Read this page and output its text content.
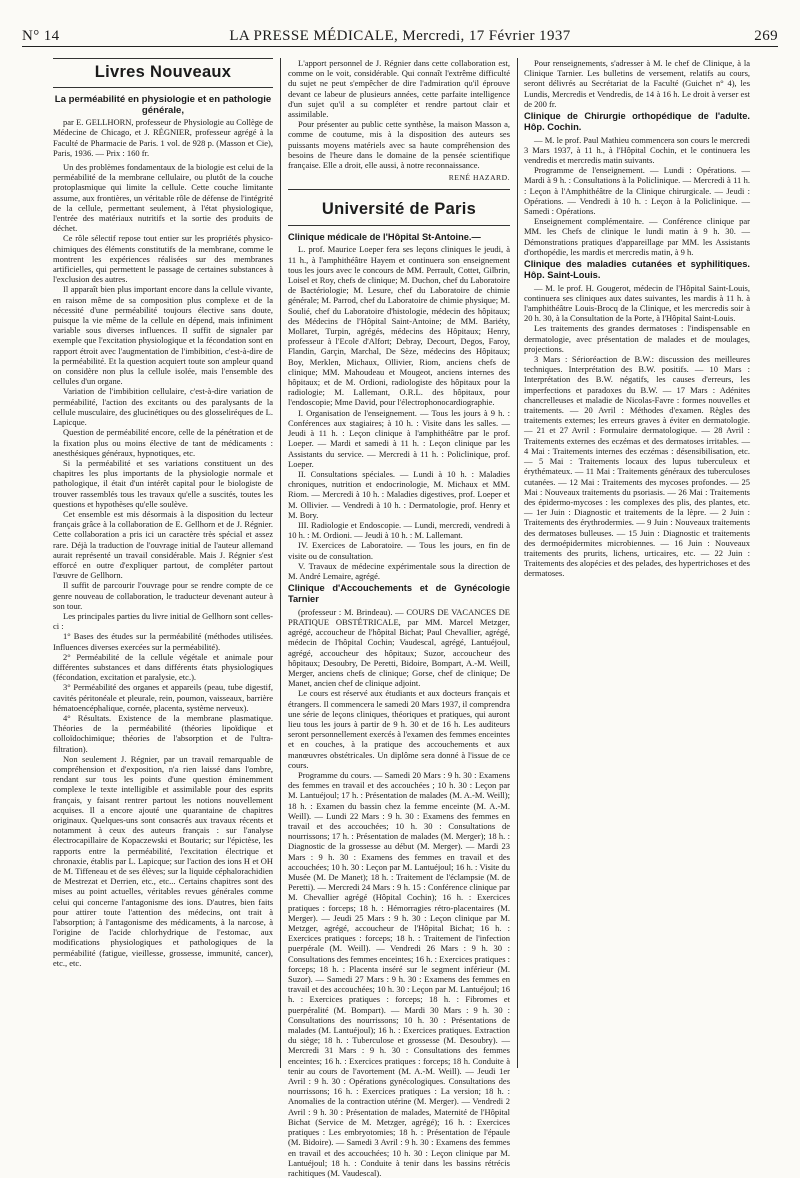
N° 14	LA PRESSE MÉDICALE, Mercredi, 17 Février 1937	269
Livres Nouveaux
La perméabilité en physiologie et en pathologie générale,

par E. GELLHORN, professeur de Physiologie au Collège de Médecine de Chicago, et J. RÉGNIER, professeur agrégé à la Faculté de Pharmacie de Paris. 1 vol. de 928 p. (Masson et Cie), Paris, 1936. — Prix : 160 fr.

Un des problèmes fondamentaux de la biologie est celui de la perméabilité de la membrane cellulaire, ou plutôt de la couche protoplasmique qui limite la cellule. Cette couche limitante assume, aux frontières, un véritable rôle de défense de l'intégrité de la cellule, permettant seulement, à l'état physiologique, l'entrée des matériaux nutritifs et la sortie des produits de déchet.

Ce rôle sélectif repose tout entier sur les propriétés physico-chimiques des éléments constitutifs de la membrane, comme le montrent les expériences réalisées sur des membranes artificielles, qui permettent le passage de certaines substances à l'exclusion des autres.

Il apparaît bien plus important encore dans la cellule vivante, en raison même de sa composition plus complexe et de la nécessité d'une perméabilité toujours élective sans doute, puisque la vie même de la cellule en dépend, mais infiniment variable sous diverses influences. Il suffit de signaler par exemple que l'excitation physiologique et la fécondation sont en rapport étroit avec l'augmentation de l'imbibition, c'est-à-dire de la perméabilité. Et la question acquiert toute son ampleur quand on considère non plus la cellule isolée, mais l'ensemble des cellules d'un organe.

Variation de l'imbibition cellulaire, c'est-à-dire variation de perméabilité, l'action des excitants ou des paralysants de la cellule musculaire, des glucinétiques ou des glosseliréques de L. Lapicque.

Question de perméabilité encore, celle de la pénétration et de la fixation plus ou moins élective de tant de médicaments : anesthésiques généraux, hypnotiques, etc.

Si la perméabilité et ses variations constituent un des chapitres les plus importants de la physiologie normale et pathologique, il était d'un intérêt capital pour le biologiste de trouver rassemblés tous les travaux qu'elle a suscités, toutes les questions et hypothèses qu'elle soulève.

Cet ensemble est mis désormais à la disposition du lecteur français grâce à la collaboration de E. Gellhorn et de J. Régnier. Cette collaboration a pris ici un caractère très spécial et assez rare. Déjà la traduction de l'ouvrage initial de l'auteur allemand aurait représenté un travail considérable. Mais J. Régnier s'est efforcé en outre d'expliquer partout, de compléter partout l'œuvre de Gellhorn.

Il suffit de parcourir l'ouvrage pour se rendre compte de ce genre nouveau de collaboration, le traducteur devenant auteur à son tour.

Les principales parties du livre initial de Gellhorn sont celles-ci :

1° Bases des études sur la perméabilité (méthodes utilisées. Influences diverses exercées sur la perméabilité).

2° Perméabilité de la cellule végétale et animale pour différentes substances et dans différents états physiologiques (fécondation, excitation et paralysie, etc.).

3° Perméabilité des organes et appareils (peau, tube digestif, cavités péritonéale et pleurale, rein, poumon, vaisseaux, barrière hématoencéphalique, cornée, placenta, système nerveux).

4° Résultats. Existence de la membrane plasmatique. Théories de la perméabilité (théories lipoïdique et colloïdochimique; théories de l'absorption et de l'ultra-filtration).

Non seulement J. Régnier, par un travail remarquable de compréhension et d'exposition, n'a rien laissé dans l'ombre, rendant sur tous les points d'une question éminemment complexe le texte intelligible et assimilable pour des esprits français, y faisant rentrer partout les notions nouvellement acquises. Il a encore ajouté une quarantaine de chapitres originaux. Quelques-uns sont consacrés aux travaux récents et notamment à ceux des auteurs français : sur l'analyse électrocapillaire de Kopaczewski et Boutaric; sur l'épictèse, les rapports entre la perméabilité, l'excitation électrique et chronaxie, établis par L. Lapicque; sur l'action des ions H et OH de M. Tiffeneau et de ses élèves; sur la liquide céphalorachidien de Mestrezat et Derrien, etc., etc... Certains chapitres sont des mises au point actuelles, véritables revues générales comme celui qui concerne l'antagonisme des ions. D'autres, bien faits pour attirer toute l'attention des médecins, ont trait à l'absorption; à l'antagonisme des médicaments, à la narcose, à l'origine de l'acide chlorhydrique de l'estomac, aux modifications physiologiques et pathologiques de la perméabilité (fatigue, vieillesse, grossesse, immunité, cancer), etc., etc.

L'apport personnel de J. Régnier dans cette collaboration est, comme on le voit, considérable. Qui connaît l'extrême difficulté du sujet ne peut s'empêcher de dire l'admiration qu'il éprouve devant ce labeur de plusieurs années, cette parfaite intelligence d'un sujet qu'il a su compléter et rendre partout clair et assimilable.

Pour présenter au public cette synthèse, la maison Masson a, comme de coutume, mis à la disposition des auteurs ses puissants moyens matériels avec sa haute compréhension des besoins de l'heure dans le domaine de la pensée scientifique française. Elle a droit, elle aussi, à notre reconnaissance.

RENÉ HAZARD.
Université de Paris
Clinique médicale de l'Hôpital St-Antoine.—

L. prof. Maurice Loeper fera ses leçons cliniques le jeudi, à 11 h., à l'amphithéâtre Hayem et continuera son enseignement tous les jours avec le concours de MM. Perrault, Cottet, Gilbrin, Loisel et Roy, chefs de clinique; M. Duchon, chef du Laboratoire de Bactériologie; M. Lesure, chef du Laboratoire de chimie générale; M. Parrod, chef du Laboratoire de chimie physique; M. Soulié, chef du Laboratoire d'histologie, médecin des hôpitaux; des Médecins de l'Hôpital Saint-Antoine; de MM. Bariéty, Mollaret, Turpin, agrégés, médecins des Hôpitaux; Henry, professeur à l'Ecole d'Alfort; Debray, Decourt, Degos, Faroy, Flandin, Garçin, Marchal, De Sèze, médecins des Hôpitaux; Boy, Merklen, Michaux, Ollivier, Riom, anciens chefs de clinique; MM. Mahoudeau et Mougeot, anciens internes des hôpitaux; et de M. Ordioni, radiologiste des hôpitaux pour la radiologie; M. Lallemant, O.R.L. des hôpitaux, pour l'endoscopie; Mme David, pour l'électrophonocardiographie.

I. Organisation de l'enseignement. — Tous les jours à 9 h. : Conférences aux stagiaires; à 10 h. : Visite dans les salles. — Jeudi à 11 h. : Leçon clinique à l'amphithéâtre par le prof. Loeper. — Mardi et samedi à 11 h. : Leçon clinique par les Assistants du service. — Mercredi à 11 h. : Policlinique, prof. Loeper.

II. Consultations spéciales. — Lundi à 10 h. : Maladies chroniques, nutrition et endocrinologie, M. Michaux et MM. Riom. — Mercredi à 10 h. : Maladies digestives, prof. Loeper et M. Ollivier. — Vendredi à 10 h. : Dermatologie, prof. Henry et M. Bory.

III. Radiologie et Endoscopie. — Lundi, mercredi, vendredi à 10 h. : M. Ordioni. — Jeudi à 10 h. : M. Lallemant.

IV. Exercices de Laboratoire. — Tous les jours, en fin de visite ou de consultation.

V. Travaux de médecine expérimentale sous la direction de M. André Lemaire, agrégé.

Clinique d'Accouchements et de Gynécologie Tarnier

(professeur : M. Brindeau). — COURS DE VACANCES DE PRATIQUE OBSTÉTRICALE, par MM. Marcel Metzger, agrégé, accoucheur de l'hôpital Bichat; Paul Chevallier, agrégé, médecin de l'hôpital Cochin; Vaudescal, agrégé, Lantuéjoul, agrégé, accoucheur des hôpitaux; Suzor, accoucheur des hôpitaux; Desoubry, De Peretti, Bidoire, Bompart, A.-M. Weill, Merger, anciens chefs de clinique; Gorse, chef de clinique; De Manet, ancien chef de clinique adjoint.

Le cours est réservé aux étudiants et aux docteurs français et étrangers. Il commencera le samedi 20 Mars 1937, il comprendra une série de leçons cliniques, théoriques et pratiques, qui auront lieu tous les jours à partir de 9 h. 30 et de 16 h. Les auditeurs seront personnellement exercés à l'examen des femmes enceintes et en couches, à la pratique des accouchements et aux manœuvres obstétricales. Un diplôme sera donné à l'issue de ce cours.

Programme du cours. — Samedi 20 Mars : 9 h. 30 : Examens des femmes en travail et des accouchées ; 10 h. 30 : Leçon par M. Lantuéjoul; 17 h. : Présentation de malades (M. A.-M. Weill); 18 h. : Examen du bassin chez la femme enceinte (M. A.-M. Weill). — Lundi 22 Mars : 9 h. 30 : Examens des femmes en travail et des accouchées; 10 h. 30 : Consultations de nourrissons; 17 h. : Présentation de malades (M. Merger); 18 h. : Diagnostic de la grossesse au début (M. Merger). — Mardi 23 Mars : 9 h. 30 : Examens des femmes en travail et des accouchées; 10 h. 30 : Leçon par M. Lantuéjoul; 16 h. : Visite du Musée (M. De Manet); 18 h. : Traitement de l'éclampsie (M. de Peretti). — Mercredi 24 Mars : 9 h. 15 : Conférence clinique par M. Chevallier agrégé (Hôpital Cochin); 16 h. : Exercices pratiques : forceps; 18 h. : Hémorragies rétro-placentaires (M. Merger). — Jeudi 25 Mars : 9 h. 30 : Leçon clinique par M. Metzger, agrégé, accoucheur de l'Hôpital Bichat; 16 h. : Exercices pratiques : forceps; 18 h. : Traitement de l'infection puerpérale (M. Weill). — Vendredi 26 Mars : 9 h. 30 : Consultations des femmes enceintes; 16 h. : Exercices pratiques : forceps; 18 h. : Placenta inséré sur le segment inférieur (M. Suzor). — Samedi 27 Mars : 9 h. 30 : Examens des femmes en travail et des accouchées; 10 h. 30 : Leçon par M. Lantuéjoul; 16 h. : Exercices pratiques : forceps; 18 h. : Fibromes et puerpéralité (M. Bompart). — Mardi 30 Mars : 9 h. 30 : Consultations des nourrissons; 10 h. 30 : Présentations de malades (M. Lantuéjoul); 16 h. : Exercices pratiques. Extraction du siège; 18 h. : Tuberculose et grossesse (M. Desoubry). — Mercredi 31 Mars : 9 h. 30 : Consultations des femmes enceintes; 16 h. : Exercices pratiques : forceps; 18 h. Conduite à tenir au cours de l'avortement (M. A.-M. Weill). — Jeudi 1er Avril : 9 h. 30 : Opérations gynécologiques. Consultations des nourrissons; 16 h. : Exercices pratiques : La version; 18 h. : Anomalies de la contraction utérine (M. Merger). — Vendredi 2 Avril : 9 h. 30 : Présentation de malades, Maternité de l'Hôpital Bichat (Service de M. Metzger, agrégé); 16 h. : Exercices pratiques : Les embryotomies; 18 h. : Présentation de l'épaule (M. Bidoire). — Samedi 3 Avril : 9 h. 30 : Examens des femmes en travail et des accouchées; 10 h. 30 : Leçon clinique par M. Lantuéjoul; 18 h. : Conduite à tenir dans les bassins rétrécis rachitiques (M. Vaudescal).

Pour renseignements, s'adresser à M. le chef de Clinique, à la Clinique Tarnier. Les bulletins de versement, relatifs au cours, seront délivrés au Secrétariat de la Faculté (Guichet n° 4), les Lundis, Mercredis et Vendredis, de 14 à 16 h. Le droit à verser est de 200 fr.

Clinique de Chirurgie orthopédique de l'adulte. Hôp. Cochin.

— M. le prof. Paul Mathieu commencera son cours le mercredi 3 Mars 1937, à 11 h., à l'Hôpital Cochin, et le continuera les vendredis et mercredis matin suivants.

Programme de l'enseignement. — Lundi : Opérations. — Mardi à 9 h. : Consultations à la Policlinique. — Mercredi à 11 h. : Leçon à l'Amphithéâtre de la Clinique chirurgicale. — Jeudi : Opérations. — Vendredi à 10 h. : Leçon à la Policlinique. — Samedi : Opérations.

Enseignement complémentaire. — Conférence clinique par MM. les Chefs de clinique le lundi matin à 9 h. 30. — Démonstrations pratiques d'appareillage par MM. les Assistants d'orthopédie, les mardis et mercredis matin, à 9 h.

Clinique des maladies cutanées et syphilitiques. Hôp. Saint-Louis.

— M. le prof. H. Gougerot, médecin de l'Hôpital Saint-Louis, continuera ses cliniques aux dates suivantes, les mardis à 11 h. à l'amphithéâtre Louis-Brocq de la Clinique, et les mercredis soir à 20 h. 30, à la Consultation de la Porte, à l'Hôpital Saint-Louis.

Les traitements des grandes dermatoses : l'indispensable en dermatologie, avec présentation de malades et de moulages, projections.

3 Mars : Sérioréaction de B.W.: discussion des meilleures techniques. Interprétation des B.W. positifs. — 10 Mars : Interprétation des B.W. négatifs, les causes d'erreurs, les imperfections et paradoxes du B.W. — 17 Mars : Adénites chancrelleuses et maladie de Nicolas-Favre : formes nouvelles et traitements. — 20 Avril : Méthodes d'examen. Règles des traitements externes; les erreurs graves à éviter en dermatologie. — 21 et 27 Avril : Formulaire dermatologique. — 28 Avril : Traitements externes des eczémas et des dermatoses irritables. — 4 Mai : Traitements internes des eczémas : désensibilisation, etc. — 5 Mai : Traitements locaux des lupus tuberculeux et érythémateux. — 11 Mai : Traitements généraux des tuberculoses cutanées. — 12 Mai : Traitements des mycoses profondes. — 25 Mai : Nouveaux traitements du psoriasis. — 26 Mai : Traitements des épidermo-mycoses : les complexes des plis, des plantes, etc. — 1er Juin : Diagnostic et traitements de la lèpre. — 2 Juin : Traitements des érythrodermies. — 9 Juin : Nouveaux traitements des dermatoses bulleuses. — 15 Juin : Diagnostic et traitements des dermoépidermites microbiennes. — 16 Juin : Nouveaux traitements des prurits, lichens, urticaires, etc. — 22 Juin : Traitements des alopécies et des pelades, des hypertrichoses et des dermatoses.
